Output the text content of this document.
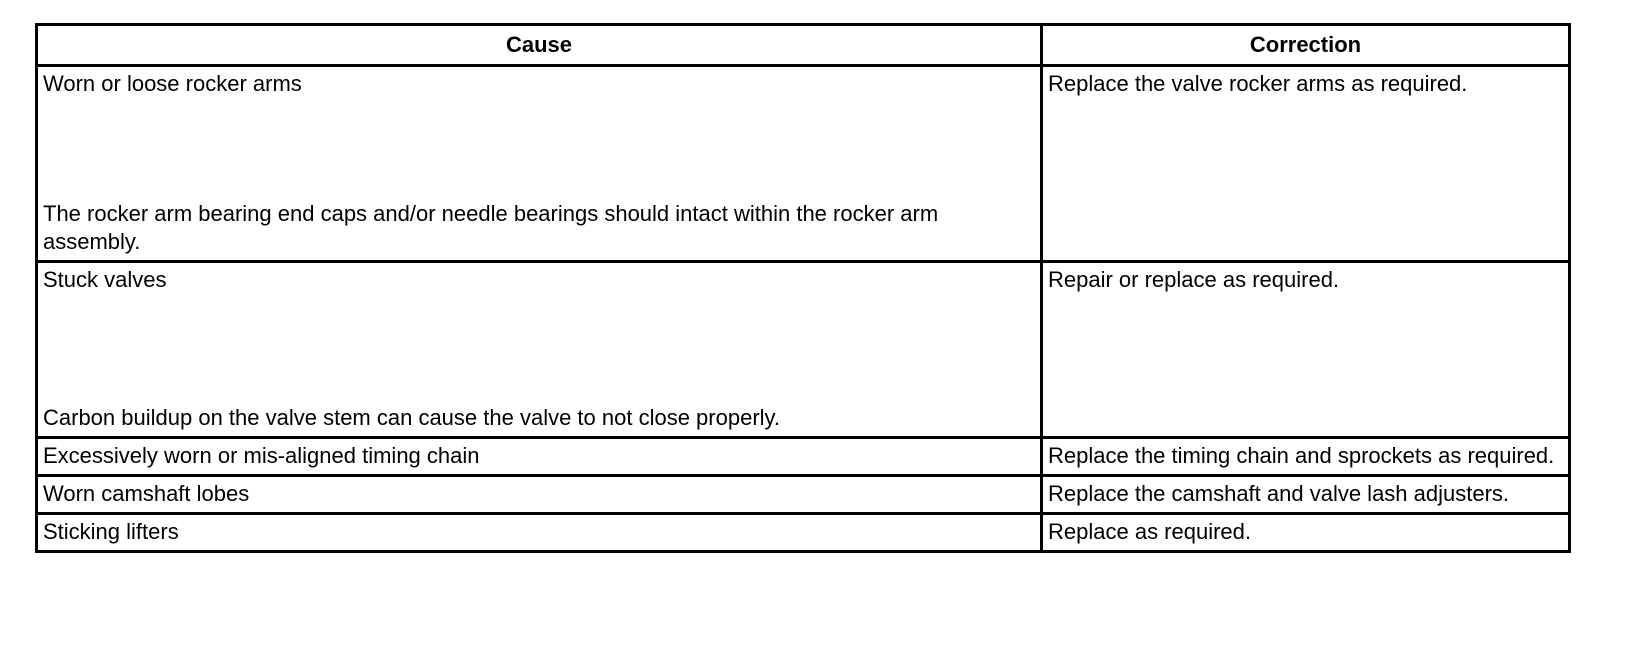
Cause	Correction

Worn or loose rocker arms
The rocker arm bearing end caps and/or needle bearings should intact within the rocker arm assembly.	Replace the valve rocker arms as required.

Stuck valves
Carbon buildup on the valve stem can cause the valve to not close properly.	Repair or replace as required.
Excessively worn or mis-aligned timing chain	Replace the timing chain and sprockets as required.
Worn camshaft lobes	Replace the camshaft and valve lash adjusters.
Sticking lifters	Replace as required.
